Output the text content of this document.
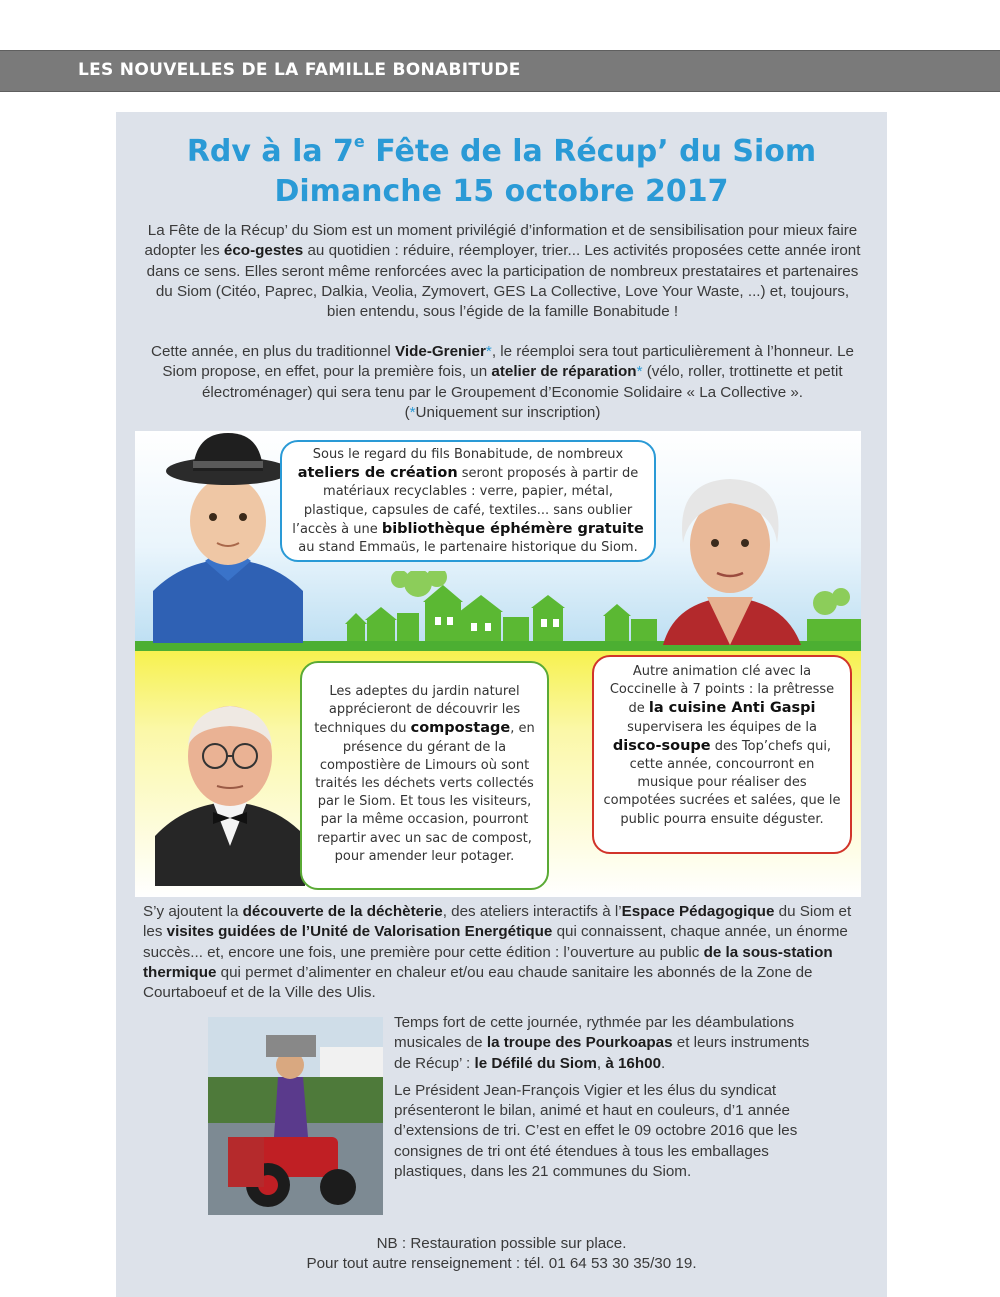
LES NOUVELLES DE LA FAMILLE BONABITUDE
Rdv à la 7e Fête de la Récup’ du Siom
Dimanche 15 octobre 2017

La Fête de la Récup’ du Siom est un moment privilégié d’information et de sensibilisation pour mieux faire adopter les éco-gestes au quotidien : réduire, réemployer, trier... Les activités proposées cette année iront dans ce sens. Elles seront même renforcées avec la participation de nombreux prestataires et partenaires du Siom (Citéo, Paprec, Dalkia, Veolia, Zymovert, GES La Collective, Love Your Waste, ...) et, toujours, bien entendu, sous l’égide de la famille Bonabitude !

Cette année, en plus du traditionnel Vide-Grenier*, le réemploi sera tout particulièrement à l’honneur. Le Siom propose, en effet, pour la première fois, un atelier de réparation* (vélo, roller, trottinette et petit électroménager) qui sera tenu par le Groupement d’Economie Solidaire « La Collective ».
(*Uniquement sur inscription)

Sous le regard du fils Bonabitude, de nombreux ateliers de création seront proposés à partir de matériaux recyclables : verre, papier, métal, plastique, capsules de café, textiles... sans oublier l’accès à une bibliothèque éphémère gratuite au stand Emmaüs, le partenaire historique du Siom.
Les adeptes du jardin naturel apprécieront de découvrir les techniques du compostage, en présence du gérant de la compostière de Limours où sont traités les déchets verts collectés par le Siom. Et tous les visiteurs, par la même occasion, pourront repartir avec un sac de compost, pour amender leur potager.
Autre animation clé avec la Coccinelle à 7 points : la prêtresse de la cuisine Anti Gaspi supervisera les équipes de la disco-soupe des Top’chefs qui, cette année, concourront en musique pour réaliser des compotées sucrées et salées, que le public pourra ensuite déguster.

S’y ajoutent la découverte de la déchèterie, des ateliers interactifs à l’Espace Pédagogique du Siom et les visites guidées de l’Unité de Valorisation Energétique qui connaissent, chaque année, un énorme succès... et, encore une fois, une première pour cette édition : l’ouverture au public de la sous-station thermique qui permet d’alimenter en chaleur et/ou eau chaude sanitaire les abonnés de la Zone de Courtaboeuf et de la Ville des Ulis.

Temps fort de cette journée, rythmée par les déambulations musicales de la troupe des Pourkoapas et leurs instruments de Récup’ : le Défilé du Siom, à 16h00.

Le Président Jean-François Vigier et les élus du syndicat présenteront le bilan, animé et haut en couleurs, d’1 année d’extensions de tri. C’est en effet le 09 octobre 2016 que les consignes de tri ont été étendues à tous les emballages plastiques, dans les 21 communes du Siom.

NB : Restauration possible sur place.
Pour tout autre renseignement : tél. 01 64 53 30 35/30 19.
